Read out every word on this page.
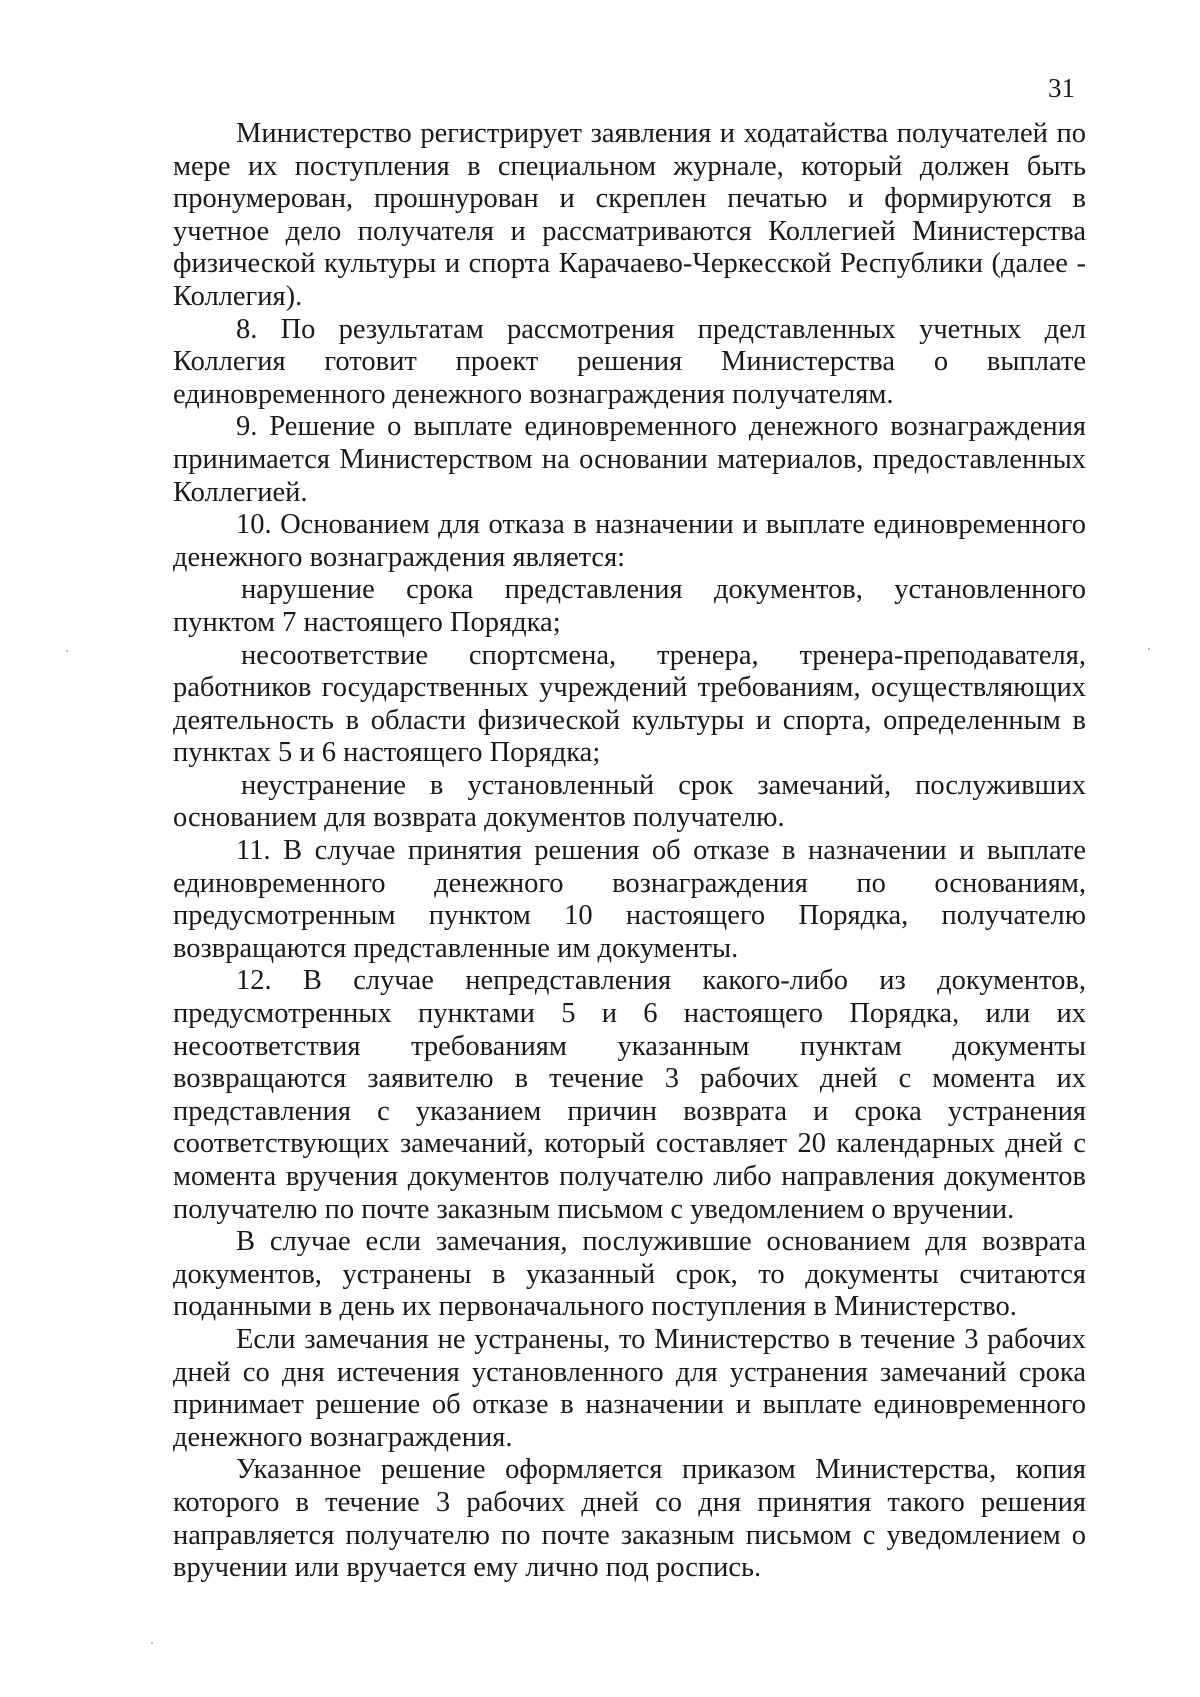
31

Министерство регистрирует заявления и ходатайства получателей по мере их поступления в специальном журнале, который должен быть пронумерован, прошнурован и скреплен печатью и формируются в учетное дело получателя и рассматриваются Коллегией Министерства физической культуры и спорта Карачаево-Черкесской Республики (далее - Коллегия).

8. По результатам рассмотрения представленных учетных дел Коллегия готовит проект решения Министерства о выплате единовременного денежного вознаграждения получателям.

9. Решение о выплате единовременного денежного вознаграждения принимается Министерством на основании материалов, предоставленных Коллегией.

10. Основанием для отказа в назначении и выплате единовременного денежного вознаграждения является:

нарушение срока представления документов, установленного пунктом 7 настоящего Порядка;

несоответствие спортсмена, тренера, тренера-преподавателя, работников государственных учреждений требованиям, осуществляющих деятельность в области физической культуры и спорта, определенным в пунктах 5 и 6 настоящего Порядка;

неустранение в установленный срок замечаний, послуживших основанием для возврата документов получателю.

11. В случае принятия решения об отказе в назначении и выплате единовременного денежного вознаграждения по основаниям, предусмотренным пунктом 10 настоящего Порядка, получателю возвращаются представленные им документы.

12. В случае непредставления какого-либо из документов, предусмотренных пунктами 5 и 6 настоящего Порядка, или их несоответствия требованиям указанным пунктам документы возвращаются заявителю в течение 3 рабочих дней с момента их представления с указанием причин возврата и срока устранения соответствующих замечаний, который составляет 20 календарных дней с момента вручения документов получателю либо направления документов получателю по почте заказным письмом с уведомлением о вручении.

В случае если замечания, послужившие основанием для возврата документов, устранены в указанный срок, то документы считаются поданными в день их первоначального поступления в Министерство.

Если замечания не устранены, то Министерство в течение 3 рабочих дней со дня истечения установленного для устранения замечаний срока принимает решение об отказе в назначении и выплате единовременного денежного вознаграждения.

Указанное решение оформляется приказом Министерства, копия которого в течение 3 рабочих дней со дня принятия такого решения направляется получателю по почте заказным письмом с уведомлением о вручении или вручается ему лично под роспись.
